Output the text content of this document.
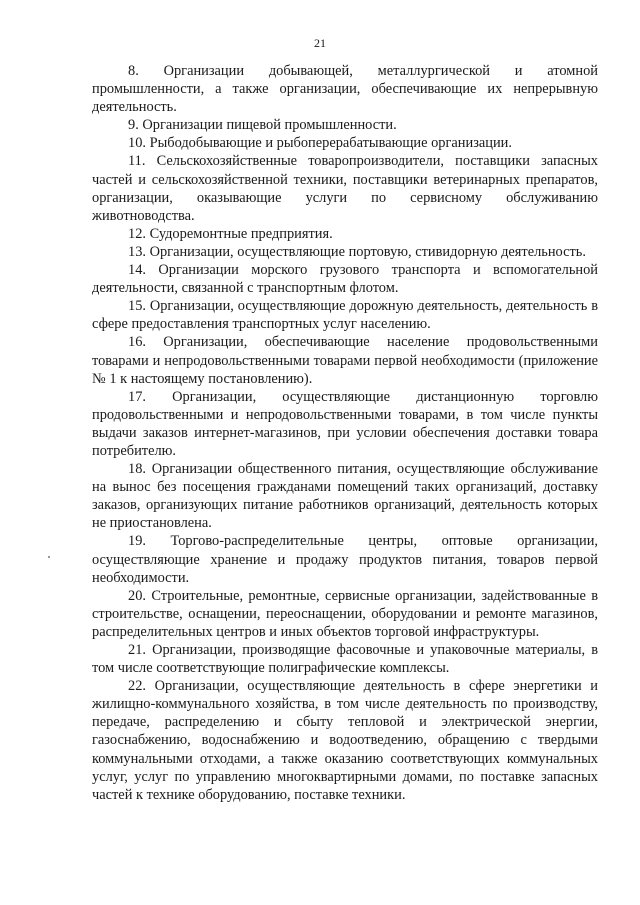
21

8. Организации добывающей, металлургической и атомной промышленности, а также организации, обеспечивающие их непрерывную деятельность.

9. Организации пищевой промышленности.

10. Рыбодобывающие и рыбоперерабатывающие организации.

11. Сельскохозяйственные товаропроизводители, поставщики запасных частей и сельскохозяйственной техники, поставщики ветеринарных препаратов, организации, оказывающие услуги по сервисному обслуживанию животноводства.

12. Судоремонтные предприятия.

13. Организации, осуществляющие портовую, стивидорную деятельность.

14. Организации морского грузового транспорта и вспомогательной деятельности, связанной с транспортным флотом.

15. Организации, осуществляющие дорожную деятельность, деятельность в сфере предоставления транспортных услуг населению.

16. Организации, обеспечивающие население продовольственными товарами и непродовольственными товарами первой необходимости (приложение № 1 к настоящему постановлению).

17. Организации, осуществляющие дистанционную торговлю продовольственными и непродовольственными товарами, в том числе пункты выдачи заказов интернет-магазинов, при условии обеспечения доставки товара потребителю.

18. Организации общественного питания, осуществляющие обслуживание на вынос без посещения гражданами помещений таких организаций, доставку заказов, организующих питание работников организаций, деятельность которых не приостановлена.

19. Торгово-распределительные центры, оптовые организации, осуществляющие хранение и продажу продуктов питания, товаров первой необходимости.

20. Строительные, ремонтные, сервисные организации, задействованные в строительстве, оснащении, переоснащении, оборудовании и ремонте магазинов, распределительных центров и иных объектов торговой инфраструктуры.

21. Организации, производящие фасовочные и упаковочные материалы, в том числе соответствующие полиграфические комплексы.

22. Организации, осуществляющие деятельность в сфере энергетики и жилищно-коммунального хозяйства, в том числе деятельность по производству, передаче, распределению и сбыту тепловой и электрической энергии, газоснабжению, водоснабжению и водоотведению, обращению с твердыми коммунальными отходами, а также оказанию соответствующих коммунальных услуг, услуг по управлению многоквартирными домами, по поставке запасных частей к технике оборудованию, поставке техники.
